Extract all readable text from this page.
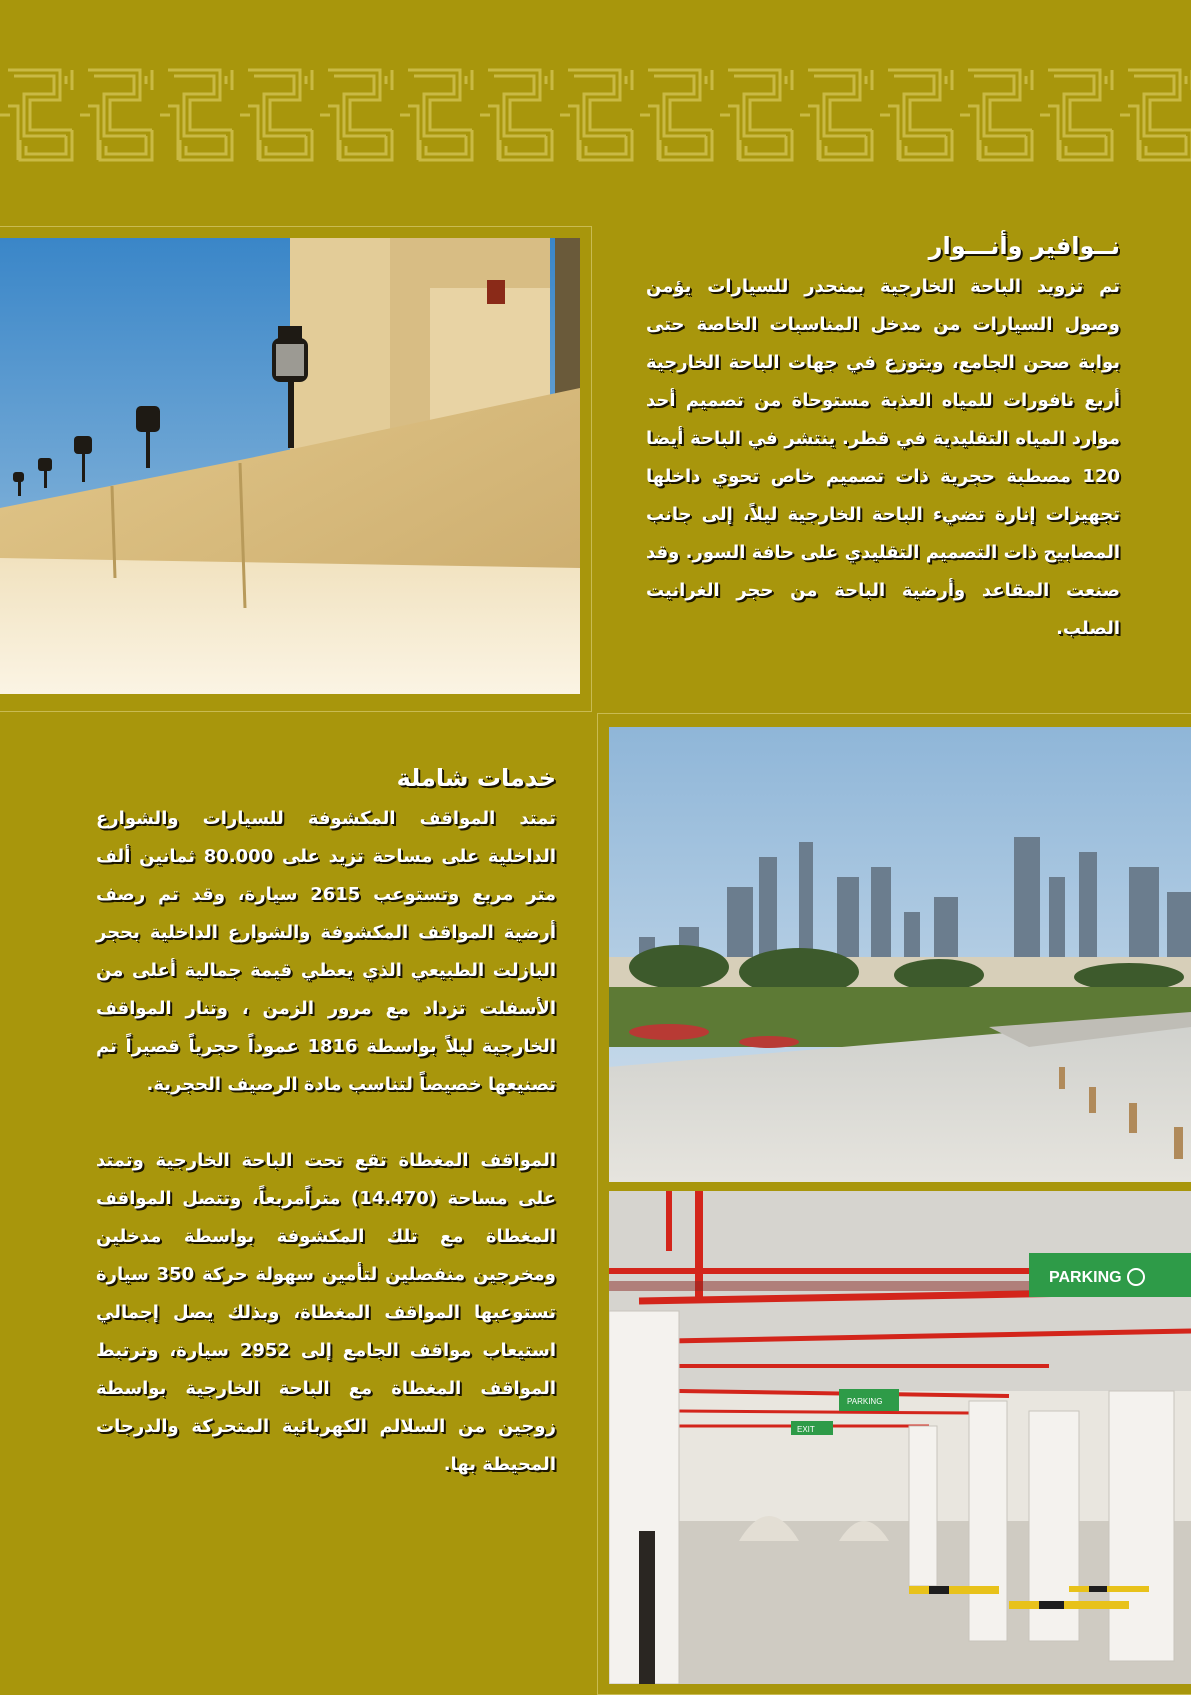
نــوافير وأنـــوار

تم تزويد الباحة الخارجية بمنحدر للسيارات يؤمن وصول السيارات من مدخل المناسبات الخاصة حتى بوابة صحن الجامع، ويتوزع في جهات الباحة الخارجية أربع نافورات للمياه العذبة مستوحاة من تصميم أحد موارد المياه التقليدية في قطر. ينتشر في الباحة أيضا 120 مصطبة حجرية ذات تصميم خاص تحوي داخلها تجهيزات إنارة تضيء الباحة الخارجية ليلاً، إلى جانب المصابيح ذات التصميم التقليدي على حافة السور. وقد صنعت المقاعد وأرضية الباحة من حجر الغرانيت الصلب.

PARKING
PARKING
EXIT
خدمات شاملة

تمتد المواقف المكشوفة للسيارات والشوارع الداخلية على مساحة تزيد على 80.000 ثمانين ألف متر مربع وتستوعب 2615 سيارة، وقد تم رصف أرضية المواقف المكشوفة والشوارع الداخلية بحجر البازلت الطبيعي الذي يعطي قيمة جمالية أعلى من الأسفلت تزداد مع مرور الزمن ، وتنار المواقف الخارجية ليلاً بواسطة 1816 عموداً حجرياً قصيراً تم تصنيعها خصيصاً لتناسب مادة الرصيف الحجرية.

المواقف المغطاة تقع تحت الباحة الخارجية وتمتد على مساحة (14.470) متراًمربعاً، وتتصل المواقف المغطاة مع تلك المكشوفة بواسطة مدخلين ومخرجين منفصلين لتأمين سهولة حركة 350 سيارة تستوعبها المواقف المغطاة، وبذلك يصل إجمالي استيعاب مواقف الجامع إلى 2952 سيارة، وترتبط المواقف المغطاة مع الباحة الخارجية بواسطة زوجين من السلالم الكهربائية المتحركة والدرجات المحيطة بها.
